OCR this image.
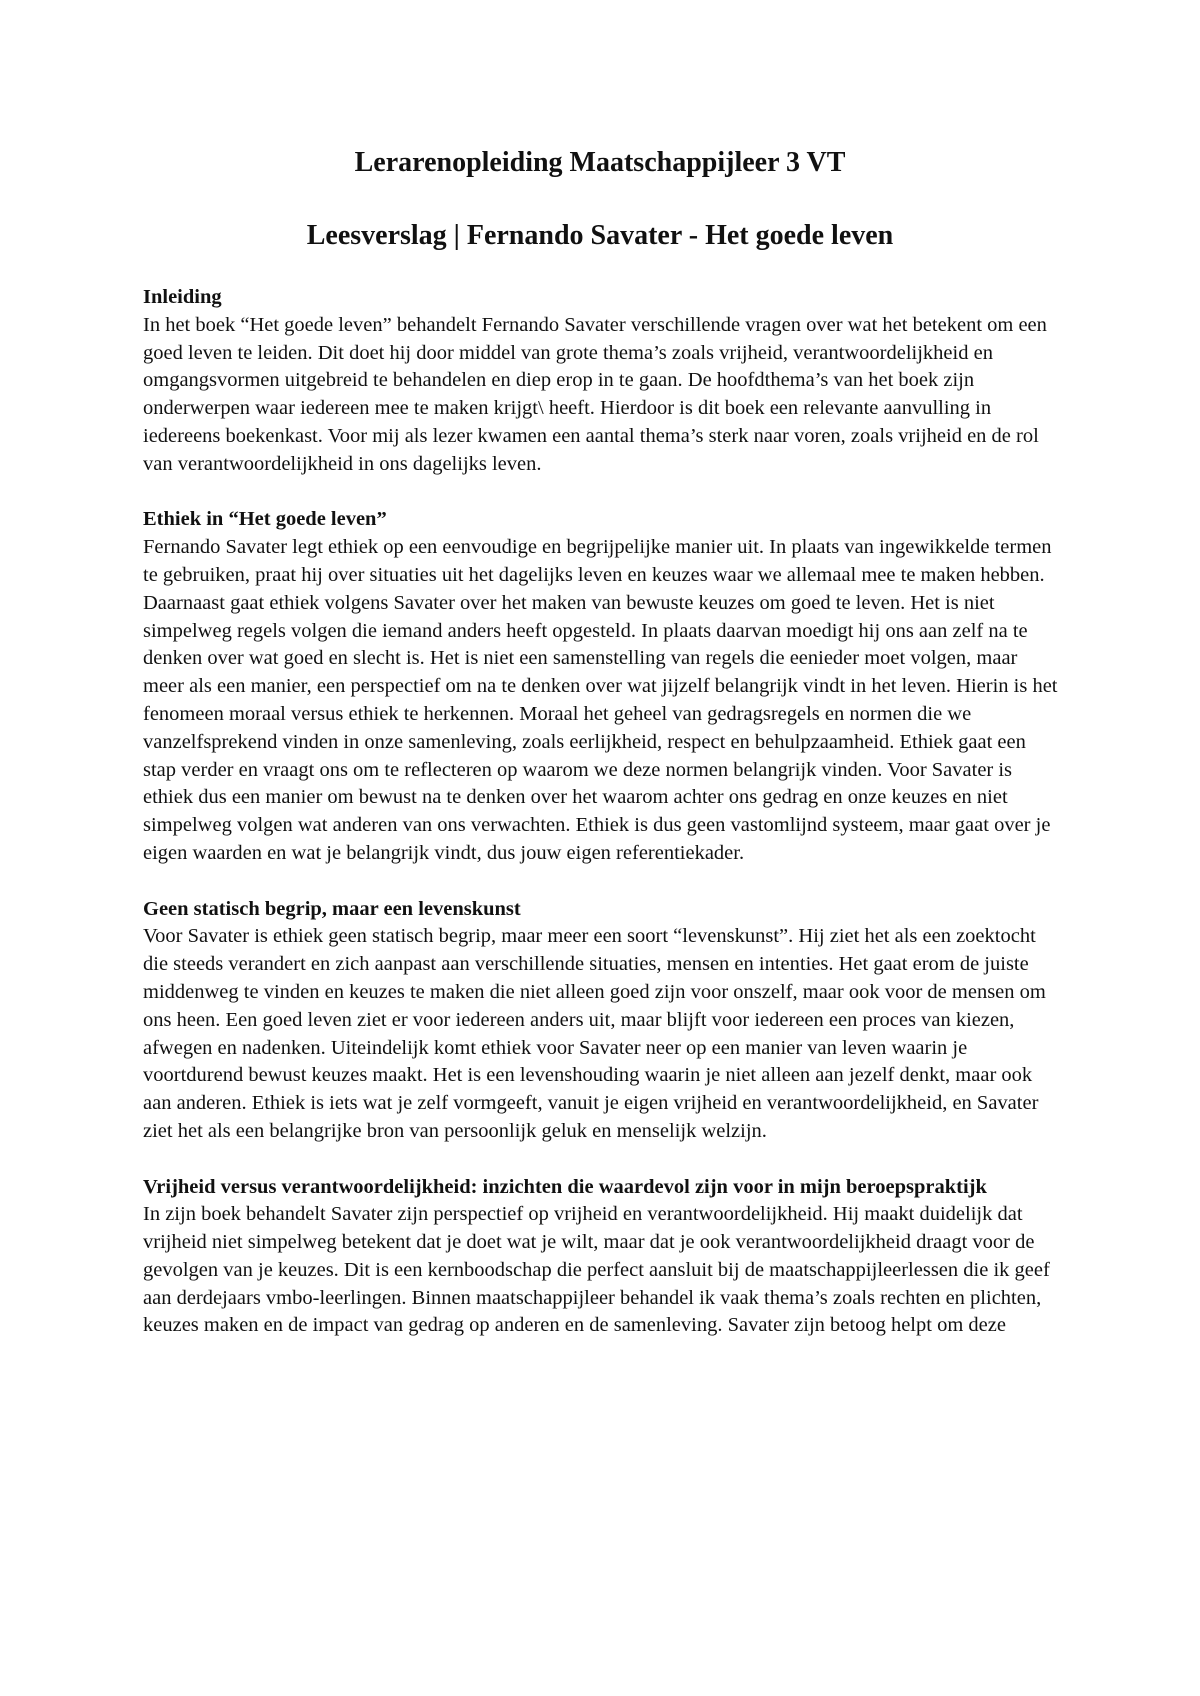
Lerarenopleiding Maatschappijleer 3 VT
Leesverslag | Fernando Savater - Het goede leven

Inleiding

In het boek “Het goede leven” behandelt Fernando Savater verschillende vragen over wat het betekent om een goed leven te leiden. Dit doet hij door middel van grote thema’s zoals vrijheid, verantwoordelijkheid en omgangsvormen uitgebreid te behandelen en diep erop in te gaan. De hoofdthema’s van het boek zijn onderwerpen waar iedereen mee te maken krijgt\ heeft. Hierdoor is dit boek een relevante aanvulling in iedereens boekenkast. Voor mij als lezer kwamen een aantal thema’s sterk naar voren, zoals vrijheid en de rol van verantwoordelijkheid in ons dagelijks leven.

Ethiek in “Het goede leven”

Fernando Savater legt ethiek op een eenvoudige en begrijpelijke manier uit. In plaats van ingewikkelde termen te gebruiken, praat hij over situaties uit het dagelijks leven en keuzes waar we allemaal mee te maken hebben. Daarnaast gaat ethiek volgens Savater over het maken van bewuste keuzes om goed te leven. Het is niet simpelweg regels volgen die iemand anders heeft opgesteld. In plaats daarvan moedigt hij ons aan zelf na te denken over wat goed en slecht is. Het is niet een samenstelling van regels die eenieder moet volgen, maar meer als een manier, een perspectief om na te denken over wat jijzelf belangrijk vindt in het leven. Hierin is het fenomeen moraal versus ethiek te herkennen. Moraal het geheel van gedragsregels en normen die we vanzelfsprekend vinden in onze samenleving, zoals eerlijkheid, respect en behulpzaamheid. Ethiek gaat een stap verder en vraagt ons om te reflecteren op waarom we deze normen belangrijk vinden. Voor Savater is ethiek dus een manier om bewust na te denken over het waarom achter ons gedrag en onze keuzes en niet simpelweg volgen wat anderen van ons verwachten. Ethiek is dus geen vastomlijnd systeem, maar gaat over je eigen waarden en wat je belangrijk vindt, dus jouw eigen referentiekader.

Geen statisch begrip, maar een levenskunst

Voor Savater is ethiek geen statisch begrip, maar meer een soort “levenskunst”. Hij ziet het als een zoektocht die steeds verandert en zich aanpast aan verschillende situaties, mensen en intenties. Het gaat erom de juiste middenweg te vinden en keuzes te maken die niet alleen goed zijn voor onszelf, maar ook voor de mensen om ons heen. Een goed leven ziet er voor iedereen anders uit, maar blijft voor iedereen een proces van kiezen, afwegen en nadenken. Uiteindelijk komt ethiek voor Savater neer op een manier van leven waarin je voortdurend bewust keuzes maakt. Het is een levenshouding waarin je niet alleen aan jezelf denkt, maar ook aan anderen. Ethiek is iets wat je zelf vormgeeft, vanuit je eigen vrijheid en verantwoordelijkheid, en Savater ziet het als een belangrijke bron van persoonlijk geluk en menselijk welzijn.

Vrijheid versus verantwoordelijkheid: inzichten die waardevol zijn voor in mijn beroepspraktijk

In zijn boek behandelt Savater zijn perspectief op vrijheid en verantwoordelijkheid. Hij maakt duidelijk dat vrijheid niet simpelweg betekent dat je doet wat je wilt, maar dat je ook verantwoordelijkheid draagt voor de gevolgen van je keuzes. Dit is een kernboodschap die perfect aansluit bij de maatschappijleerlessen die ik geef aan derdejaars vmbo-leerlingen. Binnen maatschappijleer behandel ik vaak thema’s zoals rechten en plichten, keuzes maken en de impact van gedrag op anderen en de samenleving. Savater zijn betoog helpt om deze
